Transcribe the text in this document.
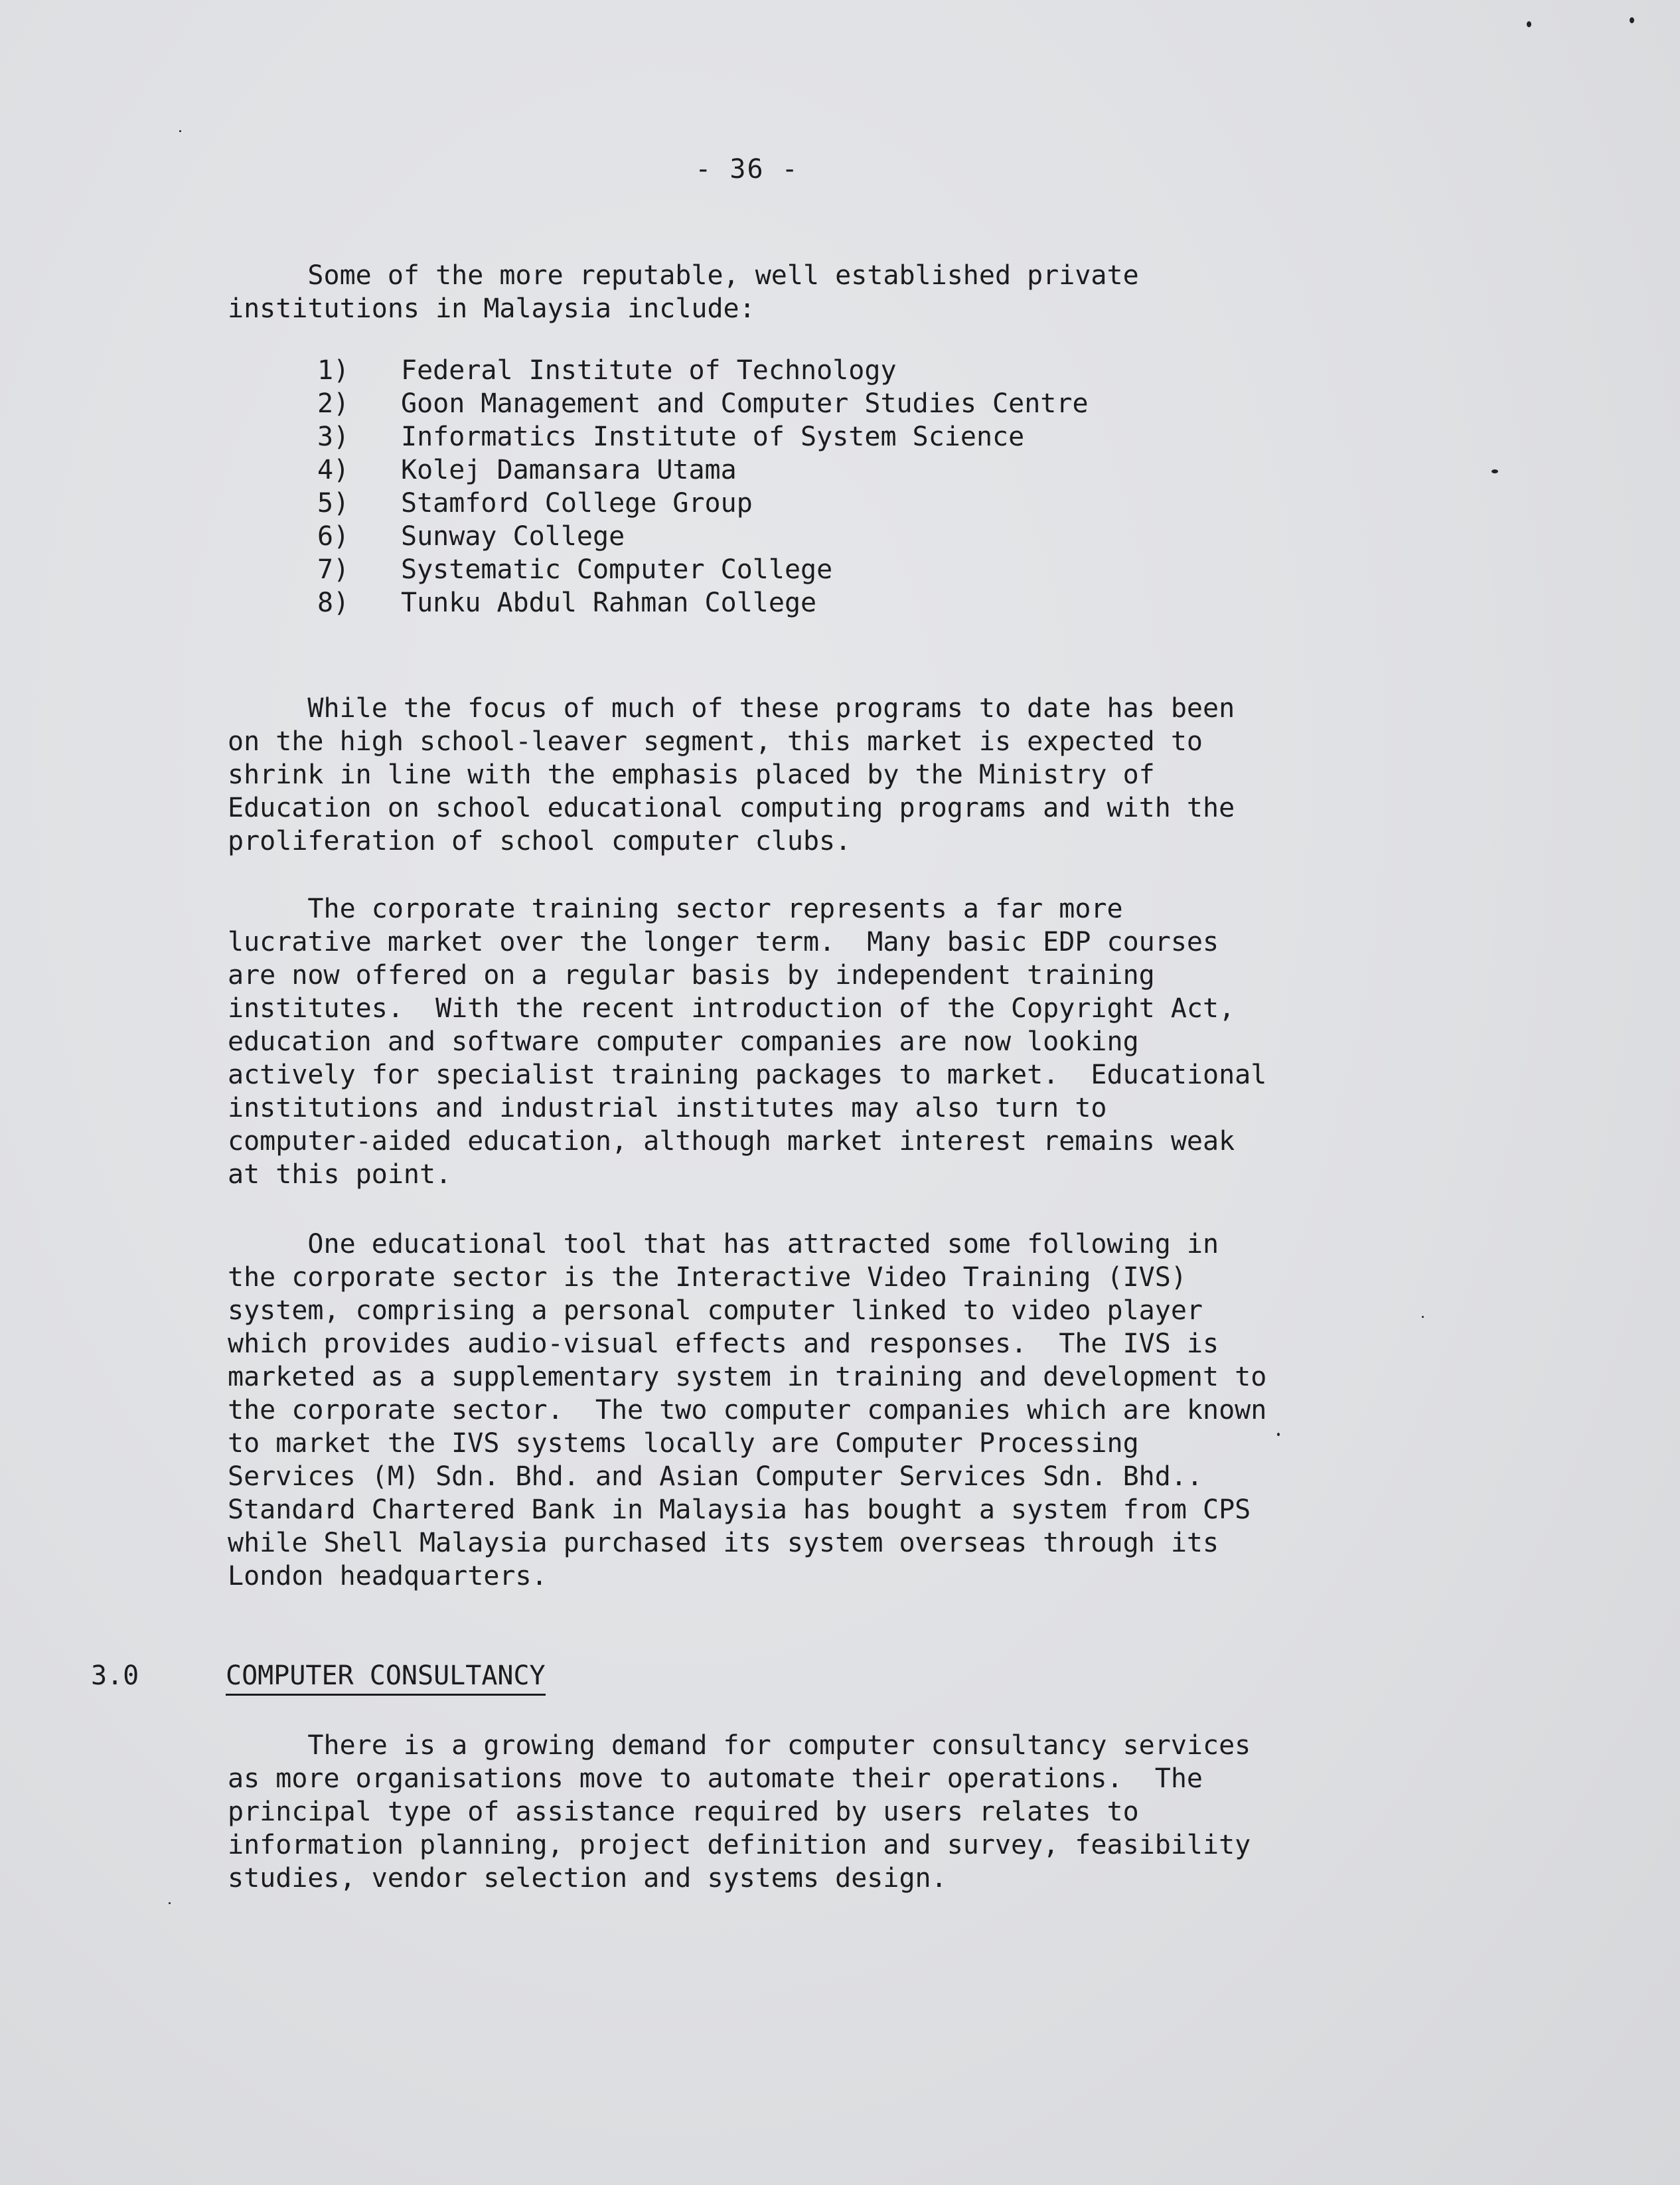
- 36 -
Some of the more reputable, well established private
institutions in Malaysia include:
1) Federal Institute of Technology
2) Goon Management and Computer Studies Centre
3) Informatics Institute of System Science
4) Kolej Damansara Utama
5) Stamford College Group
6) Sunway College
7) Systematic Computer College
8) Tunku Abdul Rahman College
While the focus of much of these programs to date has been
on the high school-leaver segment, this market is expected to
shrink in line with the emphasis placed by the Ministry of
Education on school educational computing programs and with the
proliferation of school computer clubs.
The corporate training sector represents a far more
lucrative market over the longer term.  Many basic EDP courses
are now offered on a regular basis by independent training
institutes.  With the recent introduction of the Copyright Act,
education and software computer companies are now looking
actively for specialist training packages to market.  Educational
institutions and industrial institutes may also turn to
computer-aided education, although market interest remains weak
at this point.
One educational tool that has attracted some following in
the corporate sector is the Interactive Video Training (IVS)
system, comprising a personal computer linked to video player
which provides audio-visual effects and responses.  The IVS is
marketed as a supplementary system in training and development to
the corporate sector.  The two computer companies which are known
to market the IVS systems locally are Computer Processing
Services (M) Sdn. Bhd. and Asian Computer Services Sdn. Bhd..
Standard Chartered Bank in Malaysia has bought a system from CPS
while Shell Malaysia purchased its system overseas through its
London headquarters.
3.0	COMPUTER CONSULTANCY
There is a growing demand for computer consultancy services
as more organisations move to automate their operations.  The
principal type of assistance required by users relates to
information planning, project definition and survey, feasibility
studies, vendor selection and systems design.
